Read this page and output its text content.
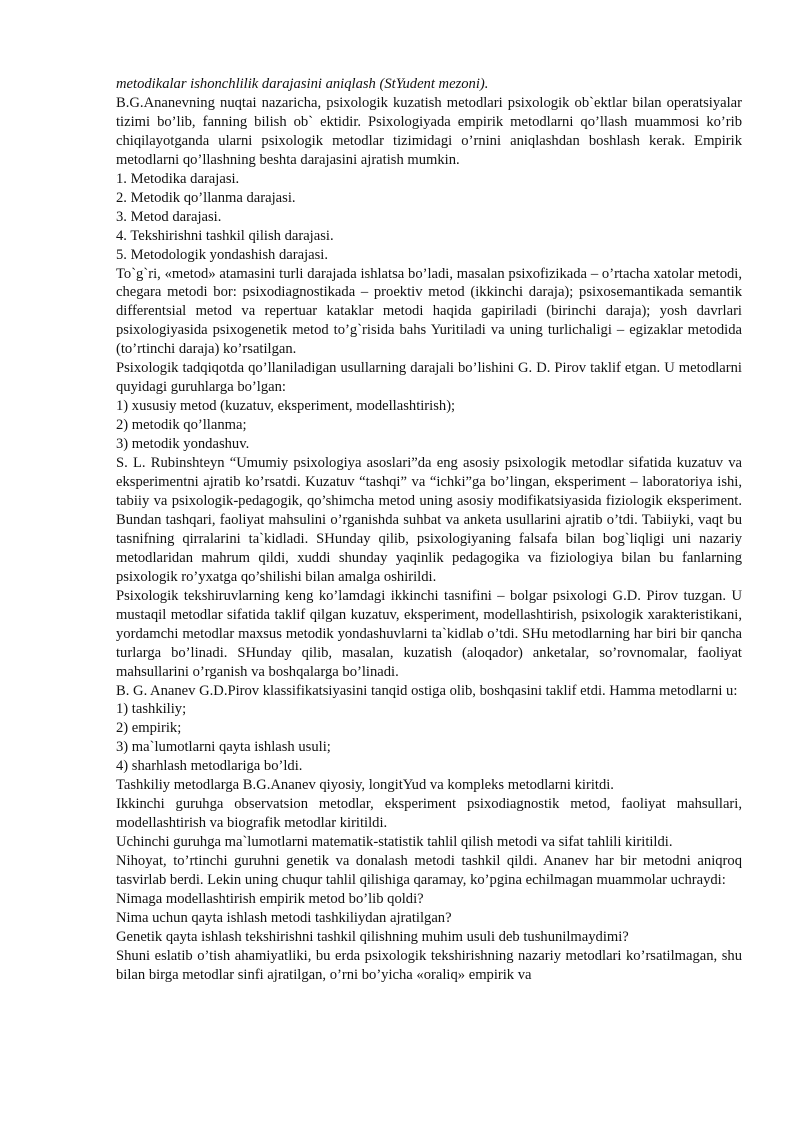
metodikalar ishonchlilik darajasini aniqlash (StYudent mezoni).

B.G.Ananevning nuqtai nazaricha, psixologik kuzatish metodlari psixologik ob`ektlar bilan operatsiyalar tizimi bo’lib, fanning bilish ob` ektidir. Psixologiyada empirik metodlarni qo’llash muammosi ko’rib chiqilayotganda ularni psixologik metodlar tizimidagi o’rnini aniqlashdan boshlash kerak. Empirik metodlarni qo’llashning beshta darajasini ajratish mumkin.

1. Metodika darajasi.

2. Metodik qo’llanma darajasi.

3. Metod darajasi.

4. Tekshirishni tashkil qilish darajasi.

5. Metodologik yondashish darajasi.

To`g`ri, «metod» atamasini turli darajada ishlatsa bo’ladi, masalan psixofizikada – o’rtacha xatolar metodi, chegara metodi bor: psixodiagnostikada – proektiv metod (ikkinchi daraja); psixosemantikada semantik differentsial metod va repertuar kataklar metodi haqida gapiriladi (birinchi daraja); yosh davrlari psixologiyasida psixogenetik metod to’g`risida bahs Yuritiladi va uning turlichaligi – egizaklar metodida (to’rtinchi daraja) ko’rsatilgan.

Psixologik tadqiqotda qo’llaniladigan usullarning darajali bo’lishini G. D. Pirov taklif etgan. U metodlarni quyidagi guruhlarga bo’lgan:

1) xususiy metod (kuzatuv, eksperiment, modellashtirish);

2) metodik qo’llanma;

3) metodik yondashuv.

S. L. Rubinshteyn “Umumiy psixologiya asoslari”da eng asosiy psixologik metodlar sifatida kuzatuv va eksperimentni ajratib ko’rsatdi. Kuzatuv “tashqi” va “ichki”ga bo’lingan, eksperiment – laboratoriya ishi, tabiiy va psixologik-pedagogik, qo’shimcha metod uning asosiy modifikatsiyasida fiziologik eksperiment. Bundan tashqari, faoliyat mahsulini o’rganishda suhbat va anketa usullarini ajratib o’tdi. Tabiiyki, vaqt bu tasnifning qirralarini ta`kidladi. SHunday qilib, psixologiyaning falsafa bilan bog`liqligi uni nazariy metodlaridan mahrum qildi, xuddi shunday yaqinlik pedagogika va fiziologiya bilan bu fanlarning psixologik ro’yxatga qo’shilishi bilan amalga oshirildi.

Psixologik tekshiruvlarning keng ko’lamdagi ikkinchi tasnifini – bolgar psixologi G.D. Pirov tuzgan. U mustaqil metodlar sifatida taklif qilgan kuzatuv, eksperiment, modellashtirish, psixologik xarakteristikani, yordamchi metodlar maxsus metodik yondashuvlarni ta`kidlab o’tdi. SHu metodlarning har biri bir qancha turlarga bo’linadi. SHunday qilib, masalan, kuzatish (aloqador) anketalar, so’rovnomalar, faoliyat mahsullarini o’rganish va boshqalarga bo’linadi.

B. G. Ananev G.D.Pirov klassifikatsiyasini tanqid ostiga olib, boshqasini taklif etdi. Hamma metodlarni u:

1) tashkiliy;

2) empirik;

3) ma`lumotlarni qayta ishlash usuli;

4) sharhlash metodlariga bo’ldi.

Tashkiliy metodlarga B.G.Ananev qiyosiy, longitYud va kompleks metodlarni kiritdi.

Ikkinchi guruhga observatsion metodlar, eksperiment psixodiagnostik metod, faoliyat mahsullari, modellashtirish va biografik metodlar kiritildi.

Uchinchi guruhga ma`lumotlarni matematik-statistik tahlil qilish metodi va sifat tahlili kiritildi.

Nihoyat, to’rtinchi guruhni genetik va donalash metodi tashkil qildi. Ananev har bir metodni aniqroq tasvirlab berdi. Lekin uning chuqur tahlil qilishiga qaramay, ko’pgina echilmagan muammolar uchraydi:

Nimaga modellashtirish empirik metod bo’lib qoldi?

Nima uchun qayta ishlash metodi tashkiliydan ajratilgan?

Genetik qayta ishlash tekshirishni tashkil qilishning muhim usuli deb tushunilmaydimi?

Shuni eslatib o’tish ahamiyatliki, bu erda psixologik tekshirishning nazariy metodlari ko’rsatilmagan, shu bilan birga metodlar sinfi ajratilgan, o’rni bo’yicha «oraliq» empirik va
